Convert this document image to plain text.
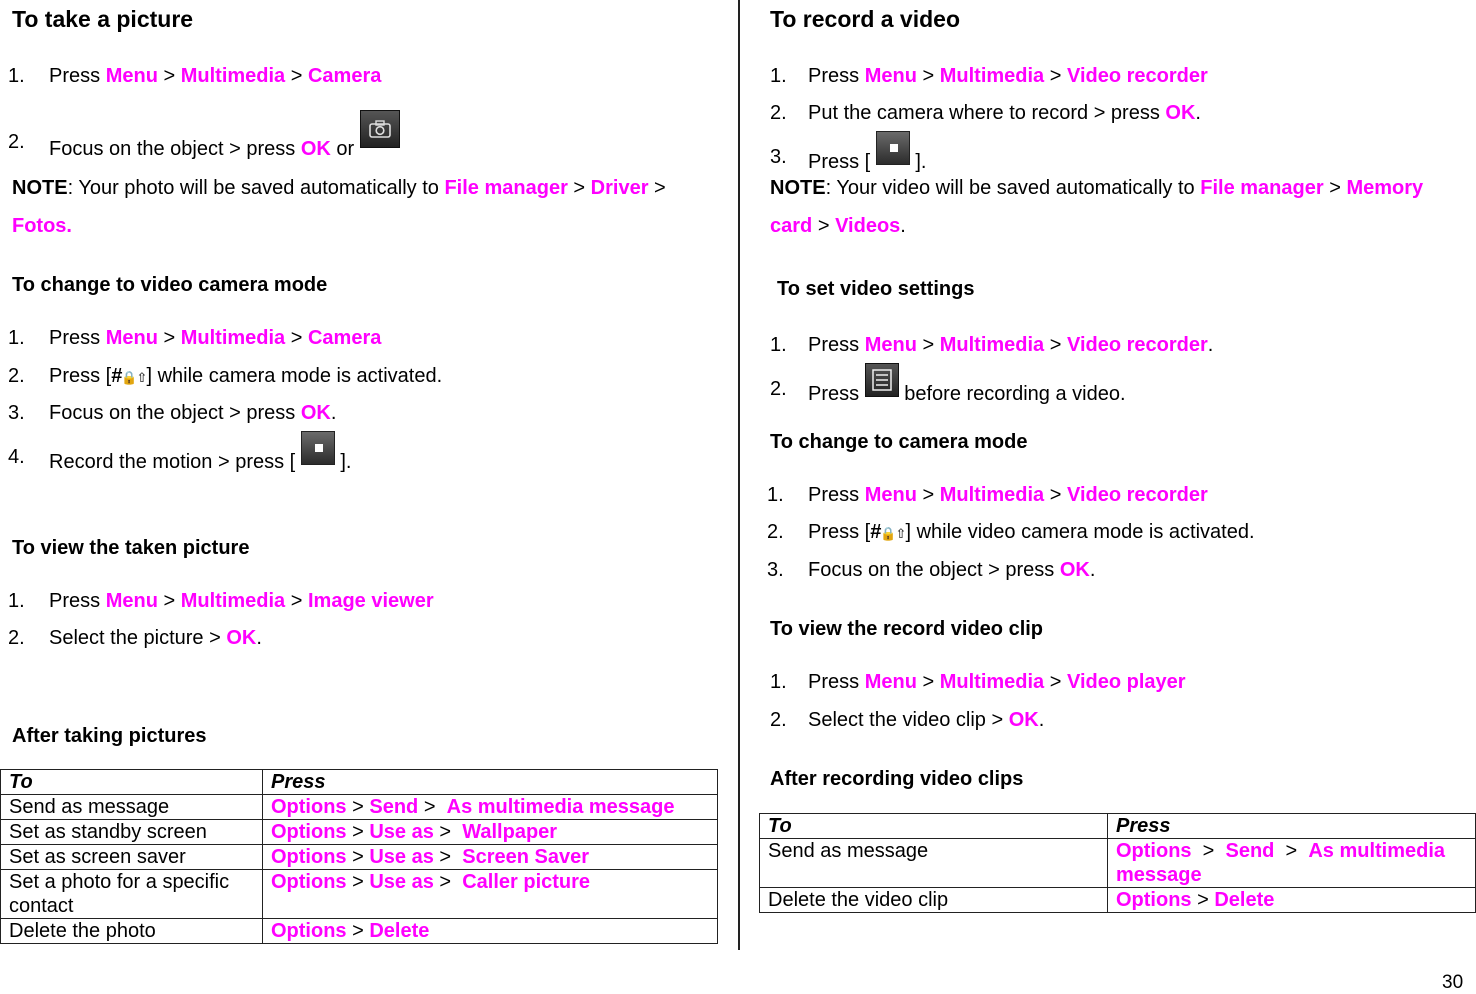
To take a picture
1. Press Menu > Multimedia > Camera
2. Focus on the object > press OK or
NOTE: Your photo will be saved automatically to File manager > Driver >
Fotos.
To change to video camera mode
1. Press Menu > Multimedia > Camera
2. Press [#🔒⇧] while camera mode is activated.
3. Focus on the object > press OK.
4. Record the motion > press [
].
To view the taken picture
1. Press Menu > Multimedia > Image viewer
2. Select the picture > OK.
After taking pictures
To	Press
Send as message	Options > Send > As multimedia message
Set as standby screen	Options > Use as > Wallpaper
Set as screen saver	Options > Use as > Screen Saver
Set a photo for a specific
contact	Options > Use as > Caller picture
Delete the photo	Options > Delete
To record a video
1. Press Menu > Multimedia > Video recorder
2. Put the camera where to record > press OK.
3. Press [
].
NOTE: Your video will be saved automatically to File manager > Memory
card > Videos.
To set video settings
1. Press Menu > Multimedia > Video recorder.
2. Press  before recording a video.
To change to camera mode
1. Press Menu > Multimedia > Video recorder
2. Press [#🔒⇧] while video camera mode is activated.
3. Focus on the object > press OK.
To view the record video clip
1. Press Menu > Multimedia > Video player
2. Select the video clip > OK.
After recording video clips
To	Press
Send as message	Options > Send > As multimedia
message
Delete the video clip	Options > Delete
30
